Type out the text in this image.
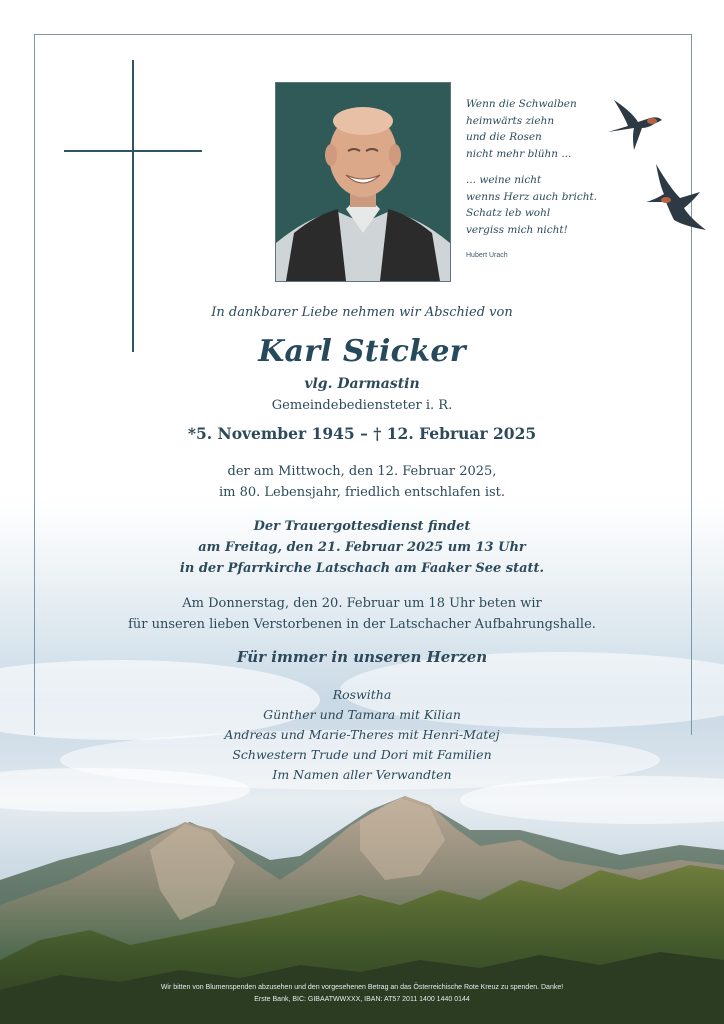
Wenn die Schwalben
heimwärts ziehn
und die Rosen
nicht mehr blühn ...
... weine nicht
wenns Herz auch bricht.
Schatz leb wohl
vergiss mich nicht!
Hubert Urach
In dankbarer Liebe nehmen wir Abschied von
Karl Sticker
vlg. Darmastin
Gemeindebediensteter i. R.
*5. November 1945 – † 12. Februar 2025
der am Mittwoch, den 12. Februar 2025,
im 80. Lebensjahr, friedlich entschlafen ist.
Der Trauergottesdienst findet
am Freitag, den 21. Februar 2025 um 13 Uhr
in der Pfarrkirche Latschach am Faaker See statt.
Am Donnerstag, den 20. Februar um 18 Uhr beten wir
für unseren lieben Verstorbenen in der Latschacher Aufbahrungshalle.
Für immer in unseren Herzen
Roswitha
Günther und Tamara mit Kilian
Andreas und Marie-Theres mit Henri-Matej
Schwestern Trude und Dori mit Familien
Im Namen aller Verwandten
Wir bitten von Blumenspenden abzusehen und den vorgesehenen Betrag an das Österreichische Rote Kreuz zu spenden. Danke!
Erste Bank, BIC: GIBAATWWXXX, IBAN: AT57 2011 1400 1440 0144
